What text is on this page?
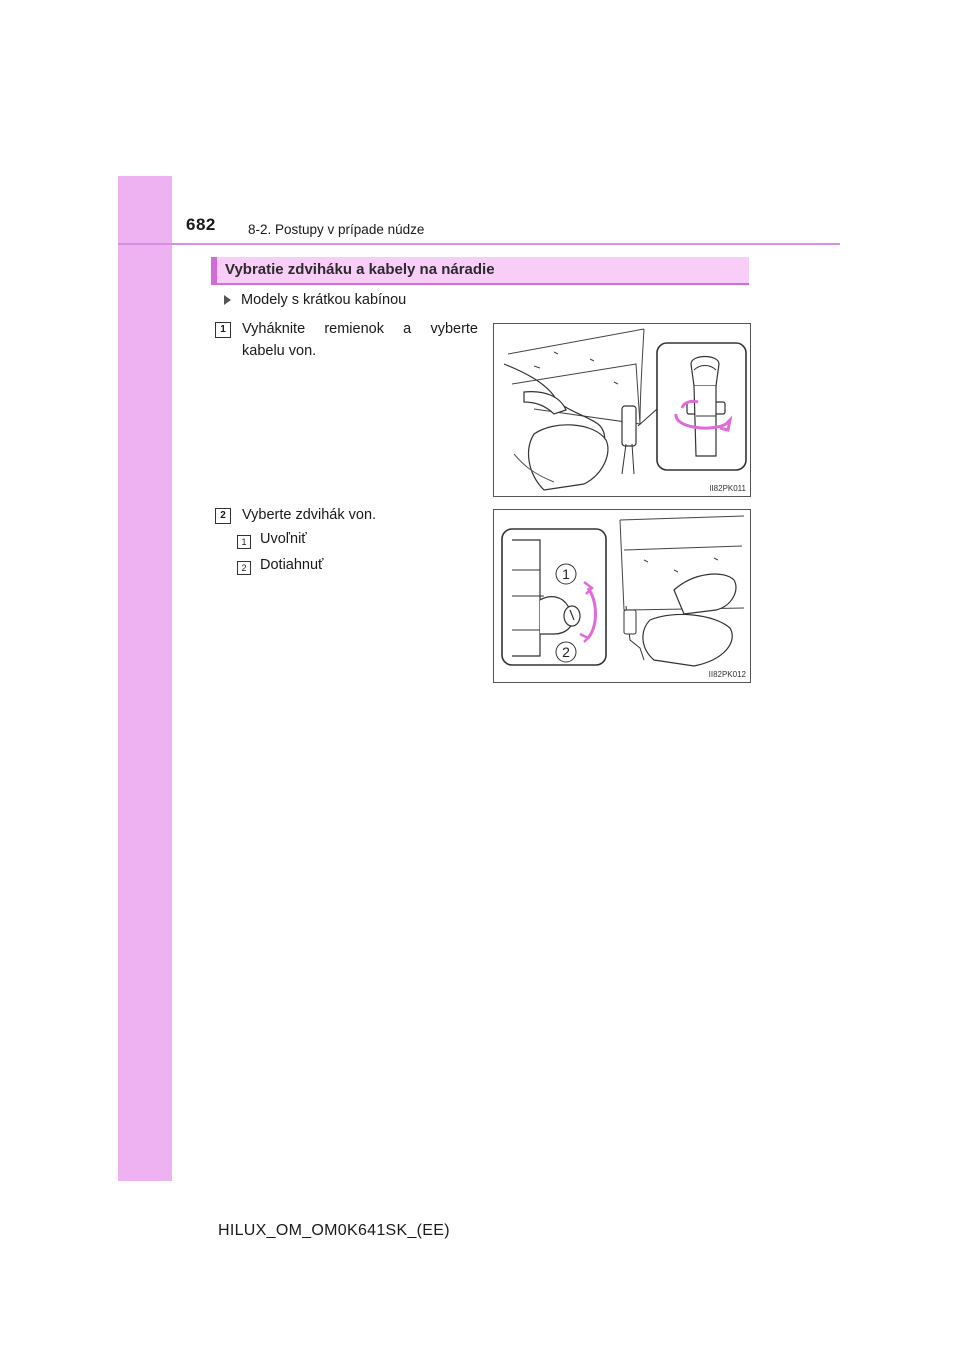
682 8-2. Postupy v prípade núdze
Vybratie zdviháku a kabely na náradie
Modely s krátkou kabínou
1	Vyháknite remienok a vyberte kabelu von.
II82PK011
2	Vyberte zdvihák von.
1 Uvoľniť
2 Dotiahnuť
1
2
II82PK012
HILUX_OM_OM0K641SK_(EE)
